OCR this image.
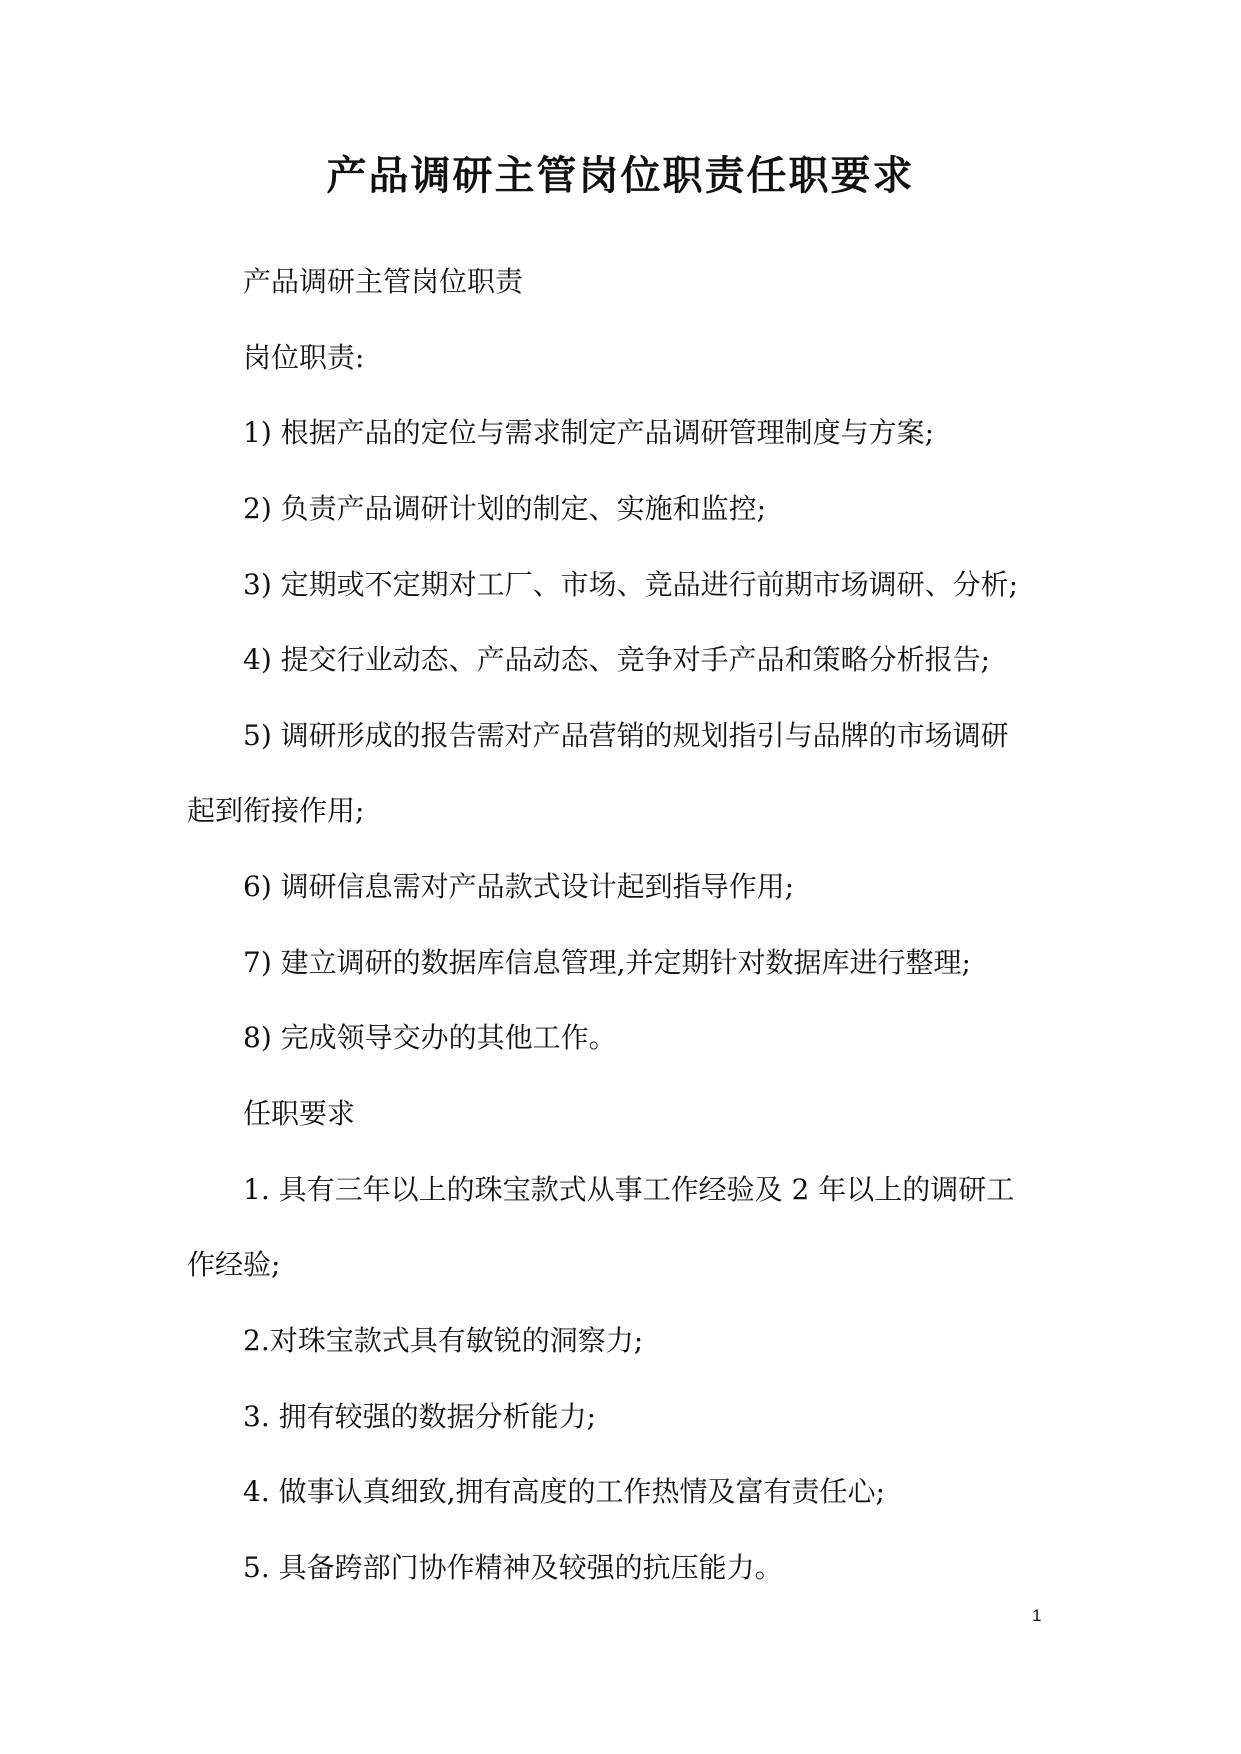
产品调研主管岗位职责任职要求

产品调研主管岗位职责

岗位职责:

1) 根据产品的定位与需求制定产品调研管理制度与方案;

2) 负责产品调研计划的制定、实施和监控;

3) 定期或不定期对工厂、市场、竞品进行前期市场调研、分析;

4) 提交行业动态、产品动态、竞争对手产品和策略分析报告;

5) 调研形成的报告需对产品营销的规划指引与品牌的市场调研
起到衔接作用;

6) 调研信息需对产品款式设计起到指导作用;

7) 建立调研的数据库信息管理,并定期针对数据库进行整理;

8) 完成领导交办的其他工作。

任职要求

1. 具有三年以上的珠宝款式从事工作经验及 2 年以上的调研工
作经验;

2.对珠宝款式具有敏锐的洞察力;

3. 拥有较强的数据分析能力;

4. 做事认真细致,拥有高度的工作热情及富有责任心;

5. 具备跨部门协作精神及较强的抗压能力。

1
